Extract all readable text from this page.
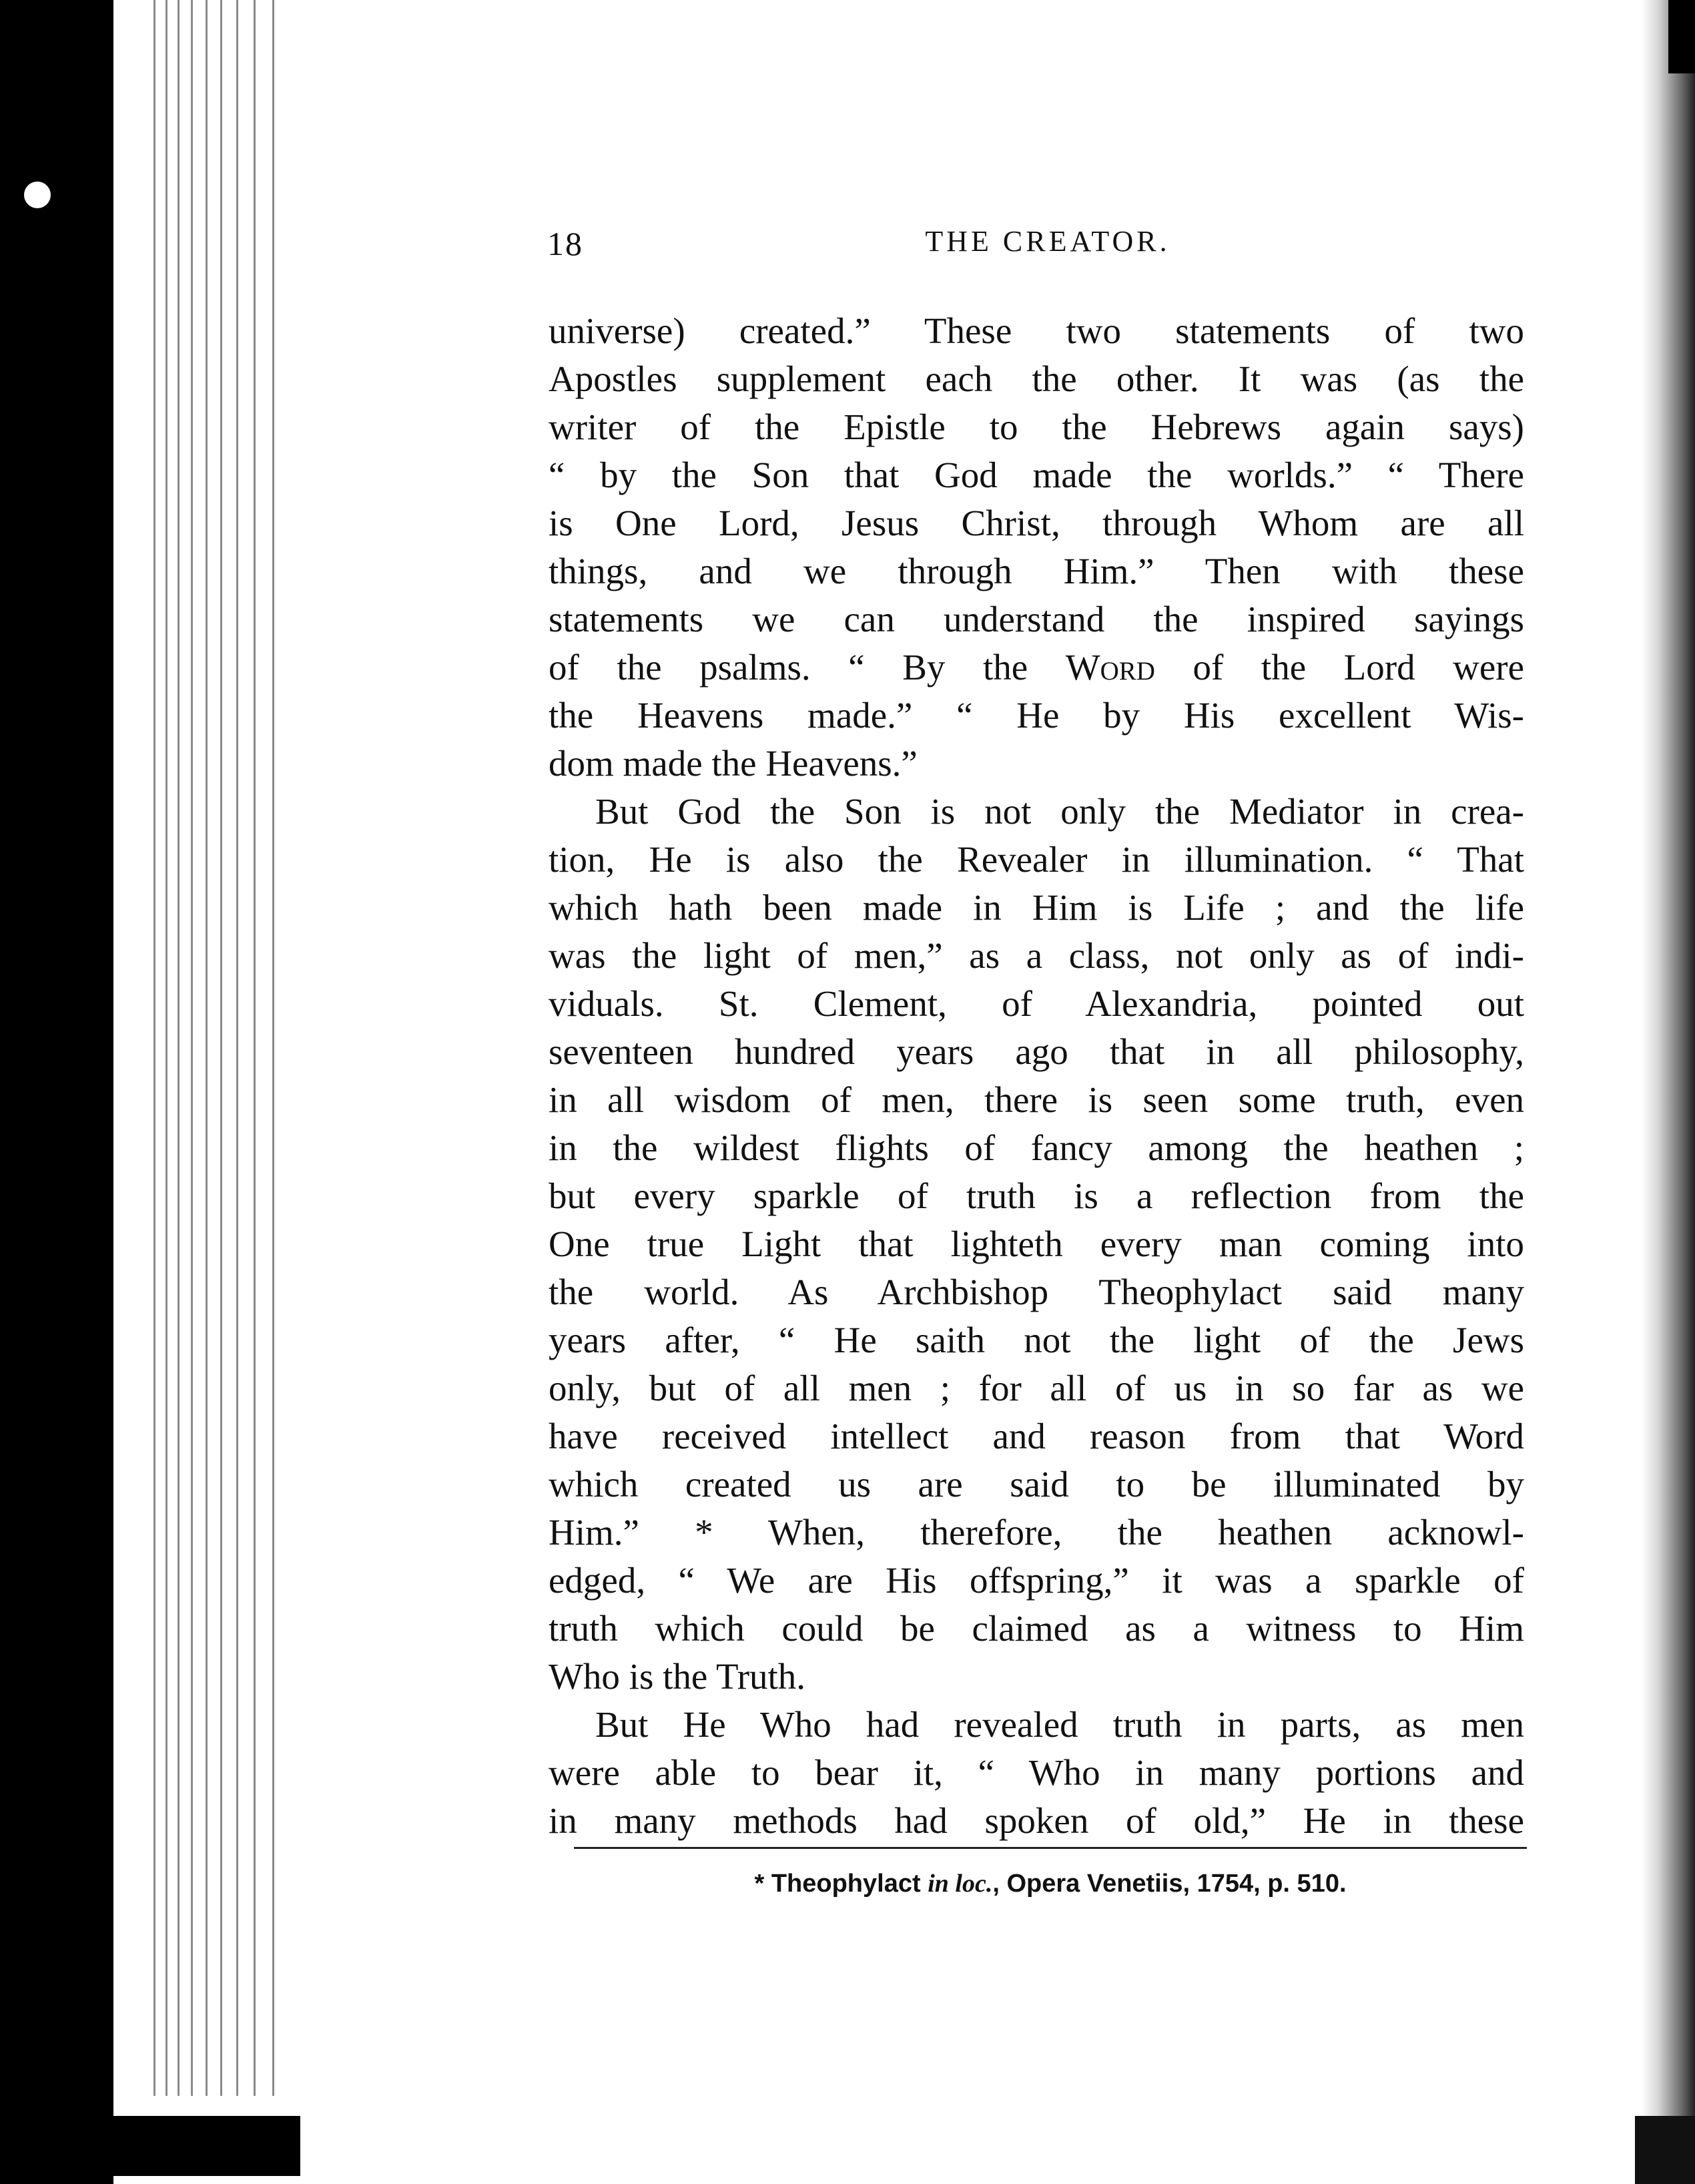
18	THE CREATOR.
universe) created.” These two statements of two
Apostles supplement each the other. It was (as the
writer of the Epistle to the Hebrews again says)
“ by the Son that God made the worlds.” “ There
is One Lord, Jesus Christ, through Whom are all
things, and we through Him.” Then with these
statements we can understand the inspired sayings
of the psalms. “ By the Word of the Lord were
the Heavens made.” “ He by His excellent Wis-
dom made the Heavens.”
But God the Son is not only the Mediator in crea-
tion, He is also the Revealer in illumination. “ That
which hath been made in Him is Life ; and the life
was the light of men,” as a class, not only as of indi-
viduals. St. Clement, of Alexandria, pointed out
seventeen hundred years ago that in all philosophy,
in all wisdom of men, there is seen some truth, even
in the wildest flights of fancy among the heathen ;
but every sparkle of truth is a reflection from the
One true Light that lighteth every man coming into
the world. As Archbishop Theophylact said many
years after, “ He saith not the light of the Jews
only, but of all men ; for all of us in so far as we
have received intellect and reason from that Word
which created us are said to be illuminated by
Him.” * When, therefore, the heathen acknowl-
edged, “ We are His offspring,” it was a sparkle of
truth which could be claimed as a witness to Him
Who is the Truth.
But He Who had revealed truth in parts, as men
were able to bear it, “ Who in many portions and
in many methods had spoken of old,” He in these
* Theophylact in loc., Opera Venetiis, 1754, p. 510.
